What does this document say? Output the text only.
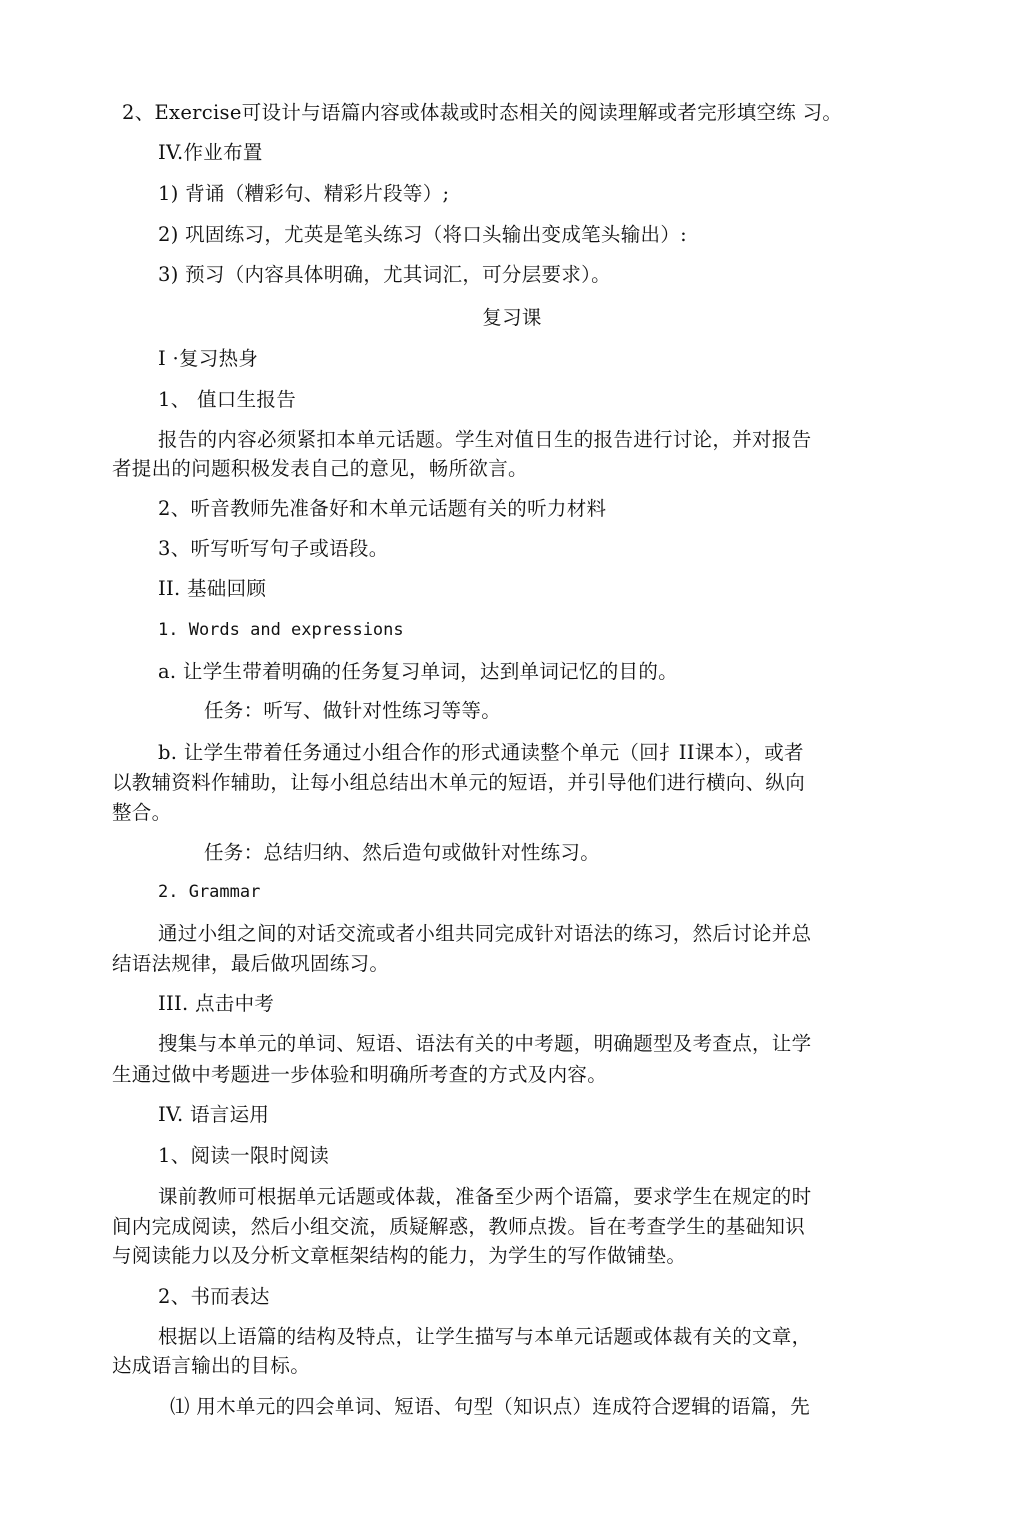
2、Exercise可设计与语篇内容或体裁或时态相关的阅读理解或者完形填空练 习。

IV.作业布置

1) 背诵（糟彩句、精彩片段等）;

2) 巩固练习，尤英是笔头练习（将口头输出变成笔头输出）:

3) 预习（内容具体明确，尤其词汇，可分层要求）。

复习课

I ·复习热身

1、 值口生报告

报告的内容必须紧扣本单元话题。学生对值日生的报告进行讨论，并对报告

者提出的问题积极发表自己的意见，畅所欲言。

2、听音教师先准备好和木单元话题有关的听力材料

3、听写听写句子或语段。

II. 基础回顾

1. Words and expressions

a. 让学生带着明确的任务复习单词，达到单词记忆的目的。

任务：听写、做针对性练习等等。

b. 让学生带着任务通过小组合作的形式通读整个单元（回扌II课本），或者

以教辅资料作辅助，让每小组总结出木单元的短语，并引导他们进行横向、纵向

整合。

任务：总结归纳、然后造句或做针对性练习。

2. Grammar

通过小组之间的对话交流或者小组共同完成针对语法的练习，然后讨论并总

结语法规律，最后做巩固练习。

III. 点击中考

搜集与本单元的单词、短语、语法有关的中考题，明确题型及考查点，让学

生通过做中考题进一步体验和明确所考查的方式及内容。

IV. 语言运用

1、阅读一限时阅读

课前教师可根据单元话题或体裁，准备至少两个语篇，要求学生在规定的时

间内完成阅读，然后小组交流，质疑解惑，教师点拨。旨在考查学生的基础知识

与阅读能力以及分析文章框架结构的能力，为学生的写作做铺垫。

2、书而表达

根据以上语篇的结构及特点，让学生描写与本单元话题或体裁有关的文章，

达成语言输出的目标。

⑴ 用木单元的四会单词、短语、句型（知识点）连成符合逻辑的语篇，先
